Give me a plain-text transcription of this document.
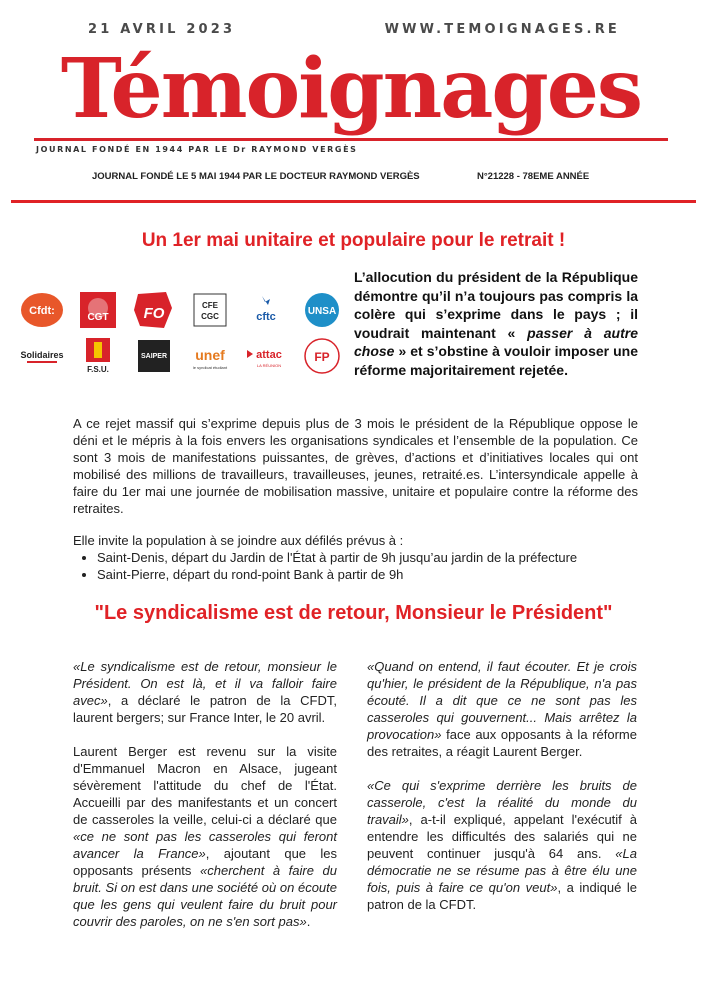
21 AVRIL 2023	WWW.TEMOIGNAGES.RE
Témoignages
JOURNAL FONDÉ EN 1944 PAR LE Dr RAYMOND VERGÈS
JOURNAL FONDÉ LE 5 MAI 1944 PAR LE DOCTEUR RAYMOND VERGÈS	N°21228 - 78EME ANNÉE
Un 1er mai unitaire et populaire pour le retrait !
Cfdt:
CGT FO	CFE
CGC	cftc	UNSA
Solidaires
F.S.U.
SAIPER unef
le syndicat étudiant
attac
LA RÉUNION
FP

L’allocution du président de la République démontre qu’il n’a toujours pas compris la colère qui s’exprime dans le pays ; il voudrait maintenant « passer à autre chose » et s’obstine à vouloir imposer une réforme majoritairement rejetée.

A ce rejet massif qui s’exprime depuis plus de 3 mois le président de la République oppose le déni et le mépris à la fois envers les organisations syndicales et l’ensemble de la population. Ce sont 3 mois de manifestations puissantes, de grèves, d’actions et d’initiatives locales qui ont mobilisé des millions de travailleurs, travailleuses, jeunes, retraité.es. L’intersyndicale appelle à faire du 1er mai une journée de mobilisation massive, unitaire et populaire contre la réforme des retraites.

Elle invite la population à se joindre aux défilés prévus à :

• Saint-Denis, départ du Jardin de l'État à partir de 9h jusqu’au jardin de la préfecture
• Saint-Pierre, départ du rond-point Bank à partir de 9h
"Le syndicalisme est de retour, Monsieur le Président"

«Le syndicalisme est de retour, monsieur le Président. On est là, et il va falloir faire avec», a déclaré le patron de la CFDT, laurent bergers; sur France Inter, le 20 avril.

Laurent Berger est revenu sur la visite d'Emmanuel Macron en Alsace, jugeant sévèrement l'attitude du chef de l'État. Accueilli par des manifestants et un concert de casseroles la veille, celui-ci a déclaré que «ce ne sont pas les casseroles qui feront avancer la France», ajoutant que les opposants présents «cherchent à faire du bruit. Si on est dans une société où on écoute que les gens qui veulent faire du bruit pour couvrir des paroles, on ne s'en sort pas».

«Quand on entend, il faut écouter. Et je crois qu'hier, le président de la République, n'a pas écouté. Il a dit que ce ne sont pas les casseroles qui gouvernent... Mais arrêtez la provocation» face aux opposants à la réforme des retraites, a réagit Laurent Berger.

«Ce qui s'exprime derrière les bruits de casserole, c'est la réalité du monde du travail», a-t-il expliqué, appelant l'exécutif à entendre les difficultés des salariés qui ne peuvent continuer jusqu'à 64 ans. «La démocratie ne se résume pas à être élu une fois, puis à faire ce qu'on veut», a indiqué le patron de la CFDT.
